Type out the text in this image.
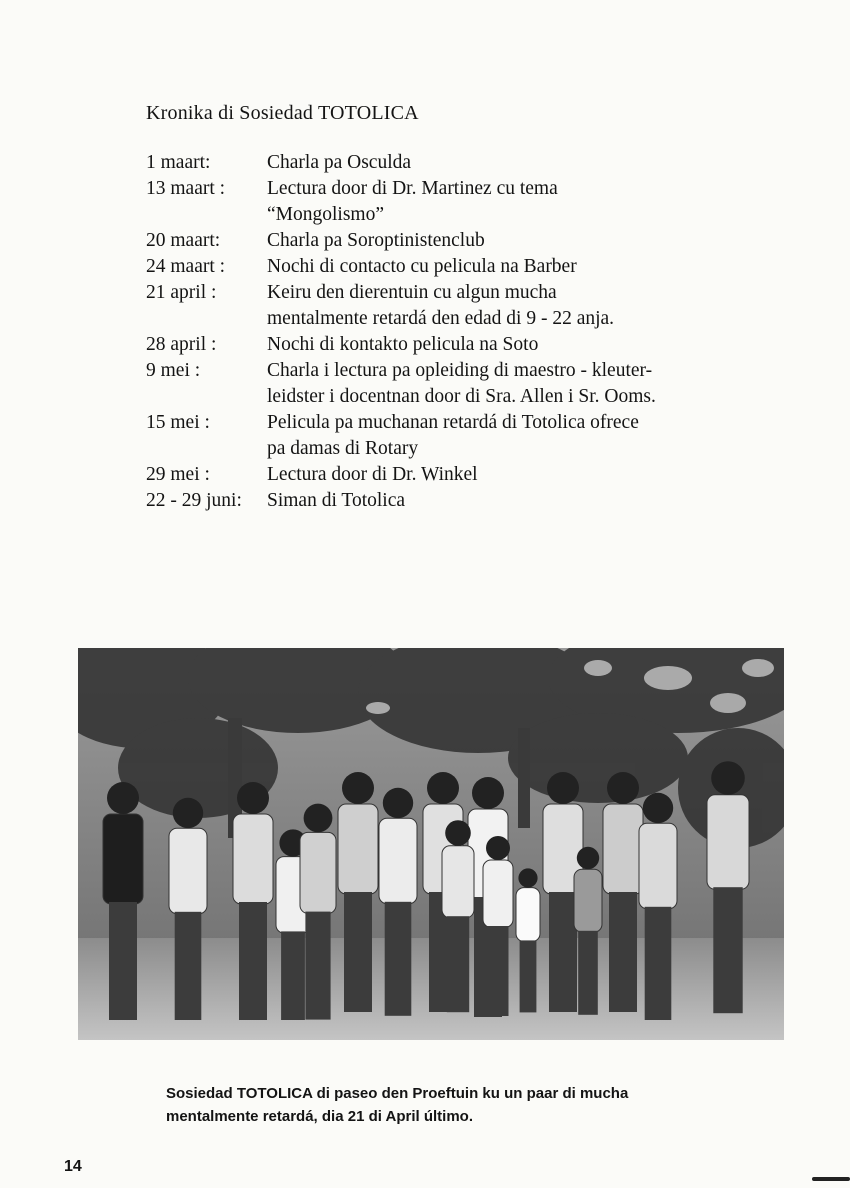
Kronika di Sosiedad TOTOLICA
1 maart:	Charla pa Osculda
13 maart :	Lectura door di Dr. Martinez cu tema
“Mongolismo”
20 maart:	Charla pa Soroptinistenclub
24 maart :	Nochi di contacto cu pelicula na Barber
21 april :	Keiru den dierentuin cu algun mucha
mentalmente retardá den edad di 9 - 22 anja.
28 april :	Nochi di kontakto pelicula na Soto
9 mei :	Charla i lectura pa opleiding di maestro - kleuter-
leidster i docentnan door di Sra. Allen i Sr. Ooms.
15 mei :	Pelicula pa muchanan retardá di Totolica ofrece
pa damas di Rotary
29 mei :	Lectura door di Dr. Winkel
22 - 29 juni:	Siman di Totolica
Sosiedad TOTOLICA di paseo den Proeftuin ku un paar di mucha
mentalmente retardá, dia 21 di April último.
14
